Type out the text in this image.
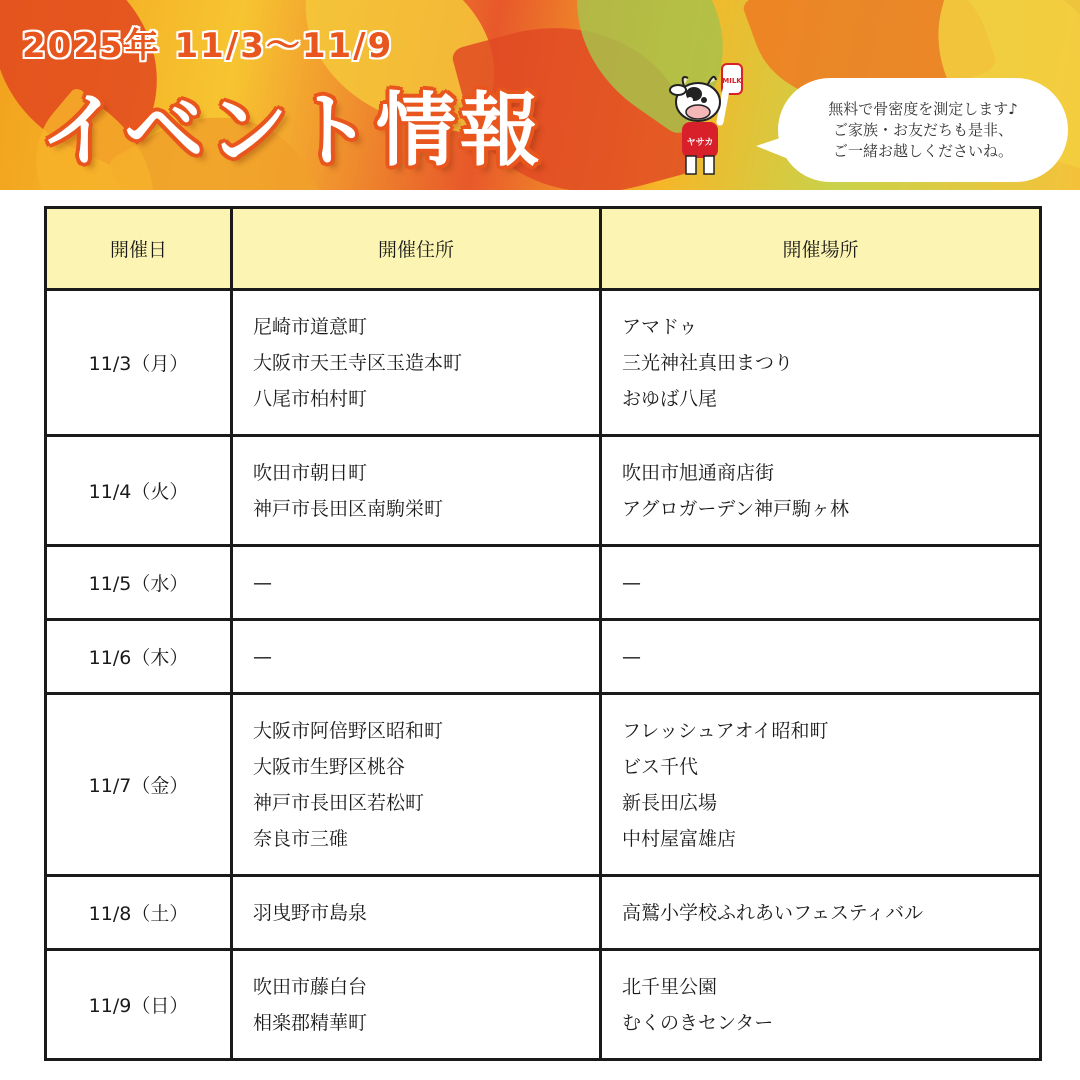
2025年 11/3〜11/9
イベント情報
MILK
ヤサカ
無料で骨密度を測定します♪
ご家族・お友だちも是非、
ご一緒お越しくださいね。
開催日	開催住所	開催場所
11/3（月）	尼崎市道意町
大阪市天王寺区玉造本町
八尾市柏村町	アマドゥ
三光神社真田まつり
おゆば八尾

11/4（火）	吹田市朝日町
神戸市長田区南駒栄町	吹田市旭通商店街
アグロガーデン神戸駒ヶ林

11/5（水）	—	—

11/6（木）	—	—

11/7（金）	大阪市阿倍野区昭和町
大阪市生野区桃谷
神戸市長田区若松町
奈良市三碓	フレッシュアオイ昭和町
ビス千代
新長田広場
中村屋富雄店

11/8（土）	羽曳野市島泉	高鷲小学校ふれあいフェスティバル

11/9（日）	吹田市藤白台
相楽郡精華町	北千里公園
むくのきセンター
